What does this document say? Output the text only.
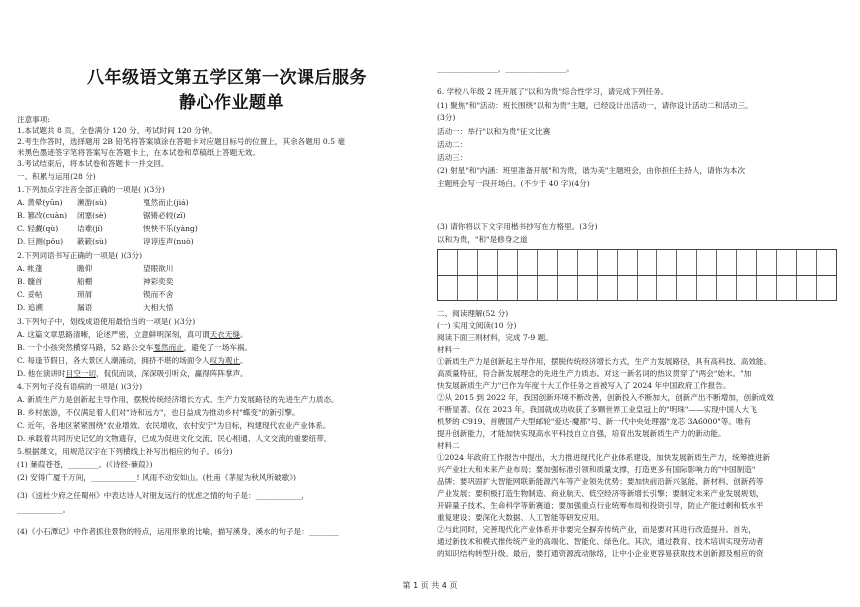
八年级语文第五学区第一次课后服务
静心作业题单
注意事项:
1.本试题共 8 页，全卷满分 120 分，考试时间 120 分钟。
2.考生作答时，选择题用 2B 铅笔将答案填涂在答题卡对应题目标号的位置上，其余各题用 0.5 毫
米黑色墨迹签字笔将答案写在答题卡上，在本试卷和草稿纸上答题无效。
3.考试结束后，将本试卷和答题卡一并交回。
一、积累与运用(28 分)
1.下列加点字注音全部正确的一项是( )(3分)
A. 黄晕(yūn) 濒游(sù)	戛然而止(jiá)
B. 篡改(cuàn) 闭塞(sè)	锯锵必较(zī)
C. 轻觑(qù) 诘难(jí)	怏怏不乐(yàng)
D. 巨测(pǒu) 簌簌(sù)	谆谆连声(nuò)
2.下列词语书写正确的一项是( )(3分)
A. 帐蓬	瞻仰	望眼欲川
B. 髓首	船棚	神彩奕奕
C. 妥帖	琐屑	锲而不舍
D. 追溯	漏语	大相大悟
3.下列句子中，划线成语使用最恰当的一项是( )(3分)
A. 这篇文章思路清晰，论述严密，立意鲜明深刻，真可谓天衣无缝。
B. 一个小孩突然横穿马路，52 路公交车戛然而止，避免了一场车祸。
C. 每逢节假日，各大景区人潮涌动，拥挤不堪的场面令人叹为观止。
D. 他在演讲时目空一切，侃侃而谈，深深吸引听众，赢得阵阵掌声。
4.下列句子没有语病的一项是( )(3分)
A. 新质生产力是创新起主导作用，摆脱传统经济增长方式、生产力发展路径的先进生产力质态。
B. 乡村旅游，不仅满足着人们对"诗和远方"，也日益成为推动乡村"蝶变"的新引擎。
C. 近年，各地区紧紧围绕"农业增效、农民增收，农村安宁"为目标，构建现代农业产业体系。
D. 承载着共同历史记忆的文物遗存，已成为促进文化交流、民心相通、人文交流的重要纽带。
5.根据课文，用规范汉字在下列横线上补写出相应的句子。(6分)
(1) 蒹葭苍苍，________。(《诗经·蒹葭》)
(2) 安得广厦千万间，____________! 风雨不动安如山。(杜甫《茅屋为秋风所破歌》)
(3)《送杜少府之任蜀州》中表达诗人对朋友远行的忧虑之情的句子是：____________，
____________。
(4)《小石潭记》中作者抓住景物的特点，运用形象的比喻，描写溪身、溪水的句子是：________
________________，________________。
6. 学校八年级 2 班开展了"以和为贵"综合性学习，请完成下列任务。
(1) 聚焦"和"活动：班长围绕"以和为贵"主题，已经设计出活动一，请你设计活动二和活动三。
(3分)
活动一：举行"以和为贵"征文比赛
活动二：
活动三：
(2) 射星"和"内涵：班里准备开展"和为贵，谐为美"主题班会，由你担任主持人，请你为本次
主题班会写一段开场白。(不少于 40 字)(4分)
(3) 请你将以下文字用楷书抄写在方格里。(3分)
以和为贵，"和"是修身之道
二、阅读理解(52 分)
(一) 实用文阅读(10 分)
阅读下面三则材料，完成 7-9 题。
材料一
①新质生产力是创新起主导作用，摆脱传统经济增长方式，生产力发展路径，具有高科技、高效能、
高质量特征，符合新发展理念的先进生产力质态。对这一新名词的热议贯穿了"两会"始末。"加
快发展新质生产力"已作为年度十大工作任务之首被写入了 2024 年中国政府工作报告。
②从 2015 到 2022 年，我国创新环境不断改善，创新投入不断加大，创新产出不断增加，创新成效
不断显著。仅在 2023 年，我国就成功收获了多颗世界工业皇冠上的"明珠"——实现中国人大飞
机梦的 C919、首艘国产大型邮轮"爱达·魔都"号、新一代中央处理器"龙芯 3A6000"等。唯有
提升创新能力，才能加快实现高水平科技自立自强，培育出发展新质生产力的新动能。
材料二
①2024 年政府工作报告中提出，大力推进现代化产业体系建设，加快发展新质生产力，统筹推进新
兴产业壮大和未来产业布局；要加强标准引领和质量支撑，打造更多有国际影响力的"中国制造"
品牌；要巩固扩大智能网联新能源汽车等产业领先优势；要加快前沿新兴氢能、新材料、创新药等
产业发展；要积极打造生物制造、商业航天、低空经济等新增长引擎；要制定未来产业发展规划，
开辟量子技术、生命科学等新赛道；要加强重点行业统筹布局和投资引导，防止产能过剩和低水平
重复建设；要深化大数据、人工智能等研发应用。
②与此同时，完善现代化产业体系并非要完全摒弃传统产业，而是要对其进行改造提升。首先，
通过新技术和模式推传统产业的高端化、智能化、绿色化。其次，通过教育、技术培训实现劳动者
的知识结构转型升级。最后，要打通资源流动脉络，让中小企业更容易获取技术创新源及相应的资
第 1 页 共 4 页
